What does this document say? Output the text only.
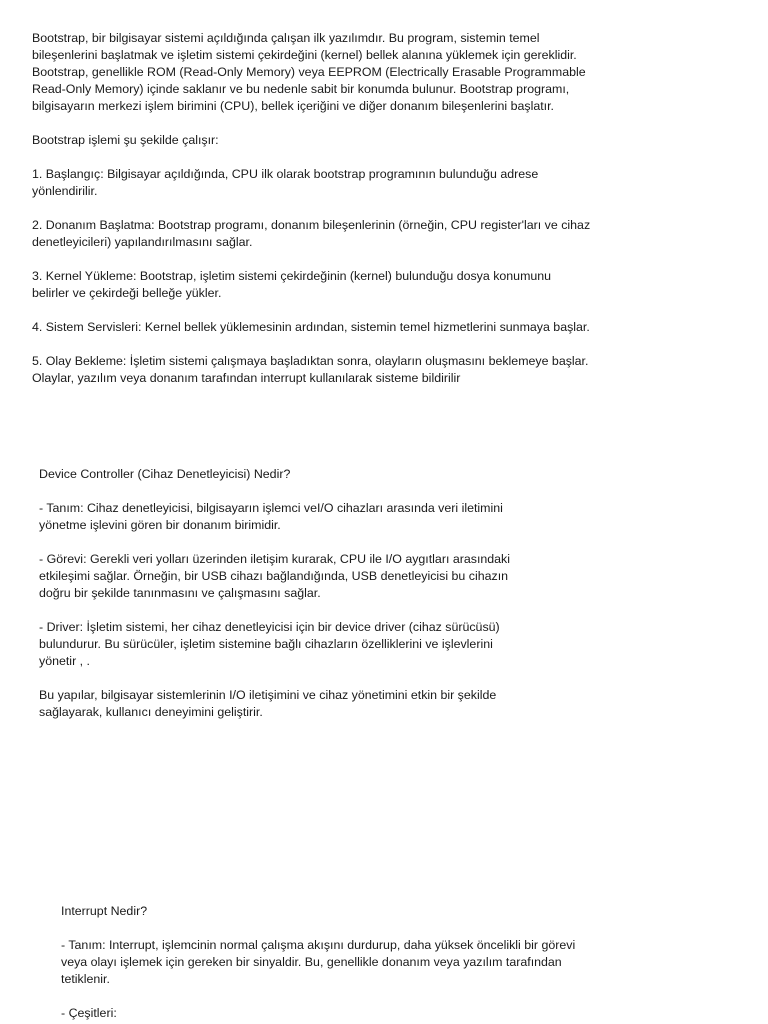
Bootstrap, bir bilgisayar sistemi açıldığında çalışan ilk yazılımdır. Bu program, sistemin temel
bileşenlerini başlatmak ve işletim sistemi çekirdeğini (kernel) bellek alanına yüklemek için gereklidir.
Bootstrap, genellikle ROM (Read-Only Memory) veya EEPROM (Electrically Erasable Programmable
Read-Only Memory) içinde saklanır ve bu nedenle sabit bir konumda bulunur. Bootstrap programı,
bilgisayarın merkezi işlem birimini (CPU), bellek içeriğini ve diğer donanım bileşenlerini başlatır.

Bootstrap işlemi şu şekilde çalışır:

1. Başlangıç: Bilgisayar açıldığında, CPU ilk olarak bootstrap programının bulunduğu adrese
yönlendirilir.

2. Donanım Başlatma: Bootstrap programı, donanım bileşenlerinin (örneğin, CPU register'ları ve cihaz
denetleyicileri) yapılandırılmasını sağlar.

3. Kernel Yükleme: Bootstrap, işletim sistemi çekirdeğinin (kernel) bulunduğu dosya konumunu
belirler ve çekirdeği belleğe yükler.

4. Sistem Servisleri: Kernel bellek yüklemesinin ardından, sistemin temel hizmetlerini sunmaya başlar.

5. Olay Bekleme: İşletim sistemi çalışmaya başladıktan sonra, olayların oluşmasını beklemeye başlar.
Olaylar, yazılım veya donanım tarafından interrupt kullanılarak sisteme bildirilir

Device Controller (Cihaz Denetleyicisi) Nedir?

- Tanım: Cihaz denetleyicisi, bilgisayarın işlemci veI/O cihazları arasında veri iletimini
yönetme işlevini gören bir donanım birimidir.

- Görevi: Gerekli veri yolları üzerinden iletişim kurarak, CPU ile I/O aygıtları arasındaki
etkileşimi sağlar. Örneğin, bir USB cihazı bağlandığında, USB denetleyicisi bu cihazın
doğru bir şekilde tanınmasını ve çalışmasını sağlar.

- Driver: İşletim sistemi, her cihaz denetleyicisi için bir device driver (cihaz sürücüsü)
bulundurur. Bu sürücüler, işletim sistemine bağlı cihazların özelliklerini ve işlevlerini
yönetir , .

Bu yapılar, bilgisayar sistemlerinin I/O iletişimini ve cihaz yönetimini etkin bir şekilde
sağlayarak, kullanıcı deneyimini geliştirir.

Interrupt Nedir?

- Tanım: Interrupt, işlemcinin normal çalışma akışını durdurup, daha yüksek öncelikli bir görevi
veya olayı işlemek için gereken bir sinyaldir. Bu, genellikle donanım veya yazılım tarafından
tetiklenir.

- Çeşitleri:
